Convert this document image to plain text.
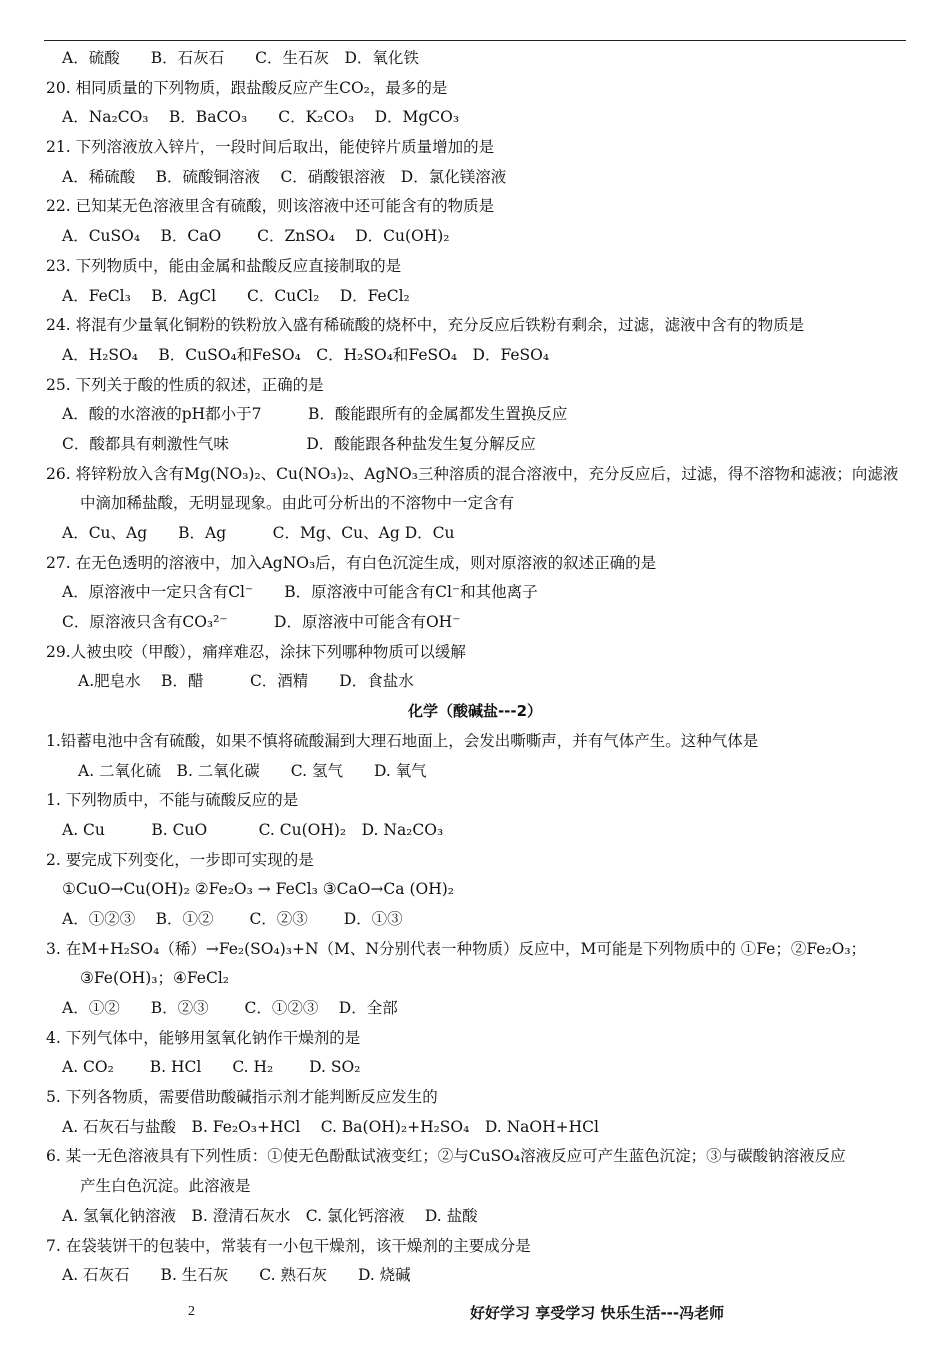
A．硫酸　　B．石灰石　　C．生石灰　D．氧化铁
20. 相同质量的下列物质，跟盐酸反应产生CO₂，最多的是
A．Na₂CO₃　 B．BaCO₃　　C．K₂CO₃　 D．MgCO₃
21. 下列溶液放入锌片，一段时间后取出，能使锌片质量增加的是
A．稀硫酸　 B．硫酸铜溶液　 C．硝酸银溶液　D．氯化镁溶液
22. 已知某无色溶液里含有硫酸，则该溶液中还可能含有的物质是
A．CuSO₄　 B．CaO　　 C．ZnSO₄　 D．Cu(OH)₂
23. 下列物质中，能由金属和盐酸反应直接制取的是
A．FeCl₃　 B．AgCl　　C．CuCl₂　 D．FeCl₂
24. 将混有少量氧化铜粉的铁粉放入盛有稀硫酸的烧杯中，充分反应后铁粉有剩余，过滤，滤液中含有的物质是
A．H₂SO₄　 B．CuSO₄和FeSO₄　C．H₂SO₄和FeSO₄　D．FeSO₄
25. 下列关于酸的性质的叙述，正确的是
A．酸的水溶液的pH都小于7　　　B．酸能跟所有的金属都发生置换反应
C．酸都具有刺激性气味　　　　　D．酸能跟各种盐发生复分解反应
26. 将锌粉放入含有Mg(NO₃)₂、Cu(NO₃)₂、AgNO₃三种溶质的混合溶液中，充分反应后，过滤，得不溶物和滤液；向滤液
中滴加稀盐酸，无明显现象。由此可分析出的不溶物中一定含有
A．Cu、Ag　　B．Ag　　　C．Mg、Cu、Ag D．Cu
27. 在无色透明的溶液中，加入AgNO₃后，有白色沉淀生成，则对原溶液的叙述正确的是
A．原溶液中一定只含有Cl⁻　　B．原溶液中可能含有Cl⁻和其他离子
C．原溶液只含有CO₃²⁻　　　D．原溶液中可能含有OH⁻
29.人被虫咬（甲酸），痛痒难忍，涂抹下列哪种物质可以缓解
A.肥皂水　 B．醋　　　C．酒精　　D．食盐水
化学（酸碱盐---2）
1.铅蓄电池中含有硫酸，如果不慎将硫酸漏到大理石地面上，会发出嘶嘶声，并有气体产生。这种气体是
A. 二氧化硫　B. 二氧化碳　　C. 氢气　　D. 氧气
1. 下列物质中，不能与硫酸反应的是
A. Cu　　　B. CuO　　　 C. Cu(OH)₂　D. Na₂CO₃
2. 要完成下列变化，一步即可实现的是
①CuO→Cu(OH)₂ ②Fe₂O₃ → FeCl₃ ③CaO→Ca (OH)₂
A．①②③　 B．①②　　 C．②③　　 D．①③
3. 在M+H₂SO₄（稀）→Fe₂(SO₄)₃+N（M、N分别代表一种物质）反应中，M可能是下列物质中的 ①Fe；②Fe₂O₃；
③Fe(OH)₃；④FeCl₂
A．①②　　B．②③　　 C．①②③　 D．全部
4. 下列气体中，能够用氢氧化钠作干燥剂的是
A. CO₂　　 B. HCl　　C. H₂　　 D. SO₂
5. 下列各物质，需要借助酸碱指示剂才能判断反应发生的
A. 石灰石与盐酸　B. Fe₂O₃+HCl　 C. Ba(OH)₂+H₂SO₄　D. NaOH+HCl
6. 某一无色溶液具有下列性质：①使无色酚酞试液变红；②与CuSO₄溶液反应可产生蓝色沉淀；③与碳酸钠溶液反应
产生白色沉淀。此溶液是
A. 氢氧化钠溶液　B. 澄清石灰水　C. 氯化钙溶液　 D. 盐酸
7. 在袋装饼干的包装中，常装有一小包干燥剂，该干燥剂的主要成分是
A. 石灰石　　B. 生石灰　　C. 熟石灰　　D. 烧碱
2	好好学习 享受学习 快乐生活---冯老师
